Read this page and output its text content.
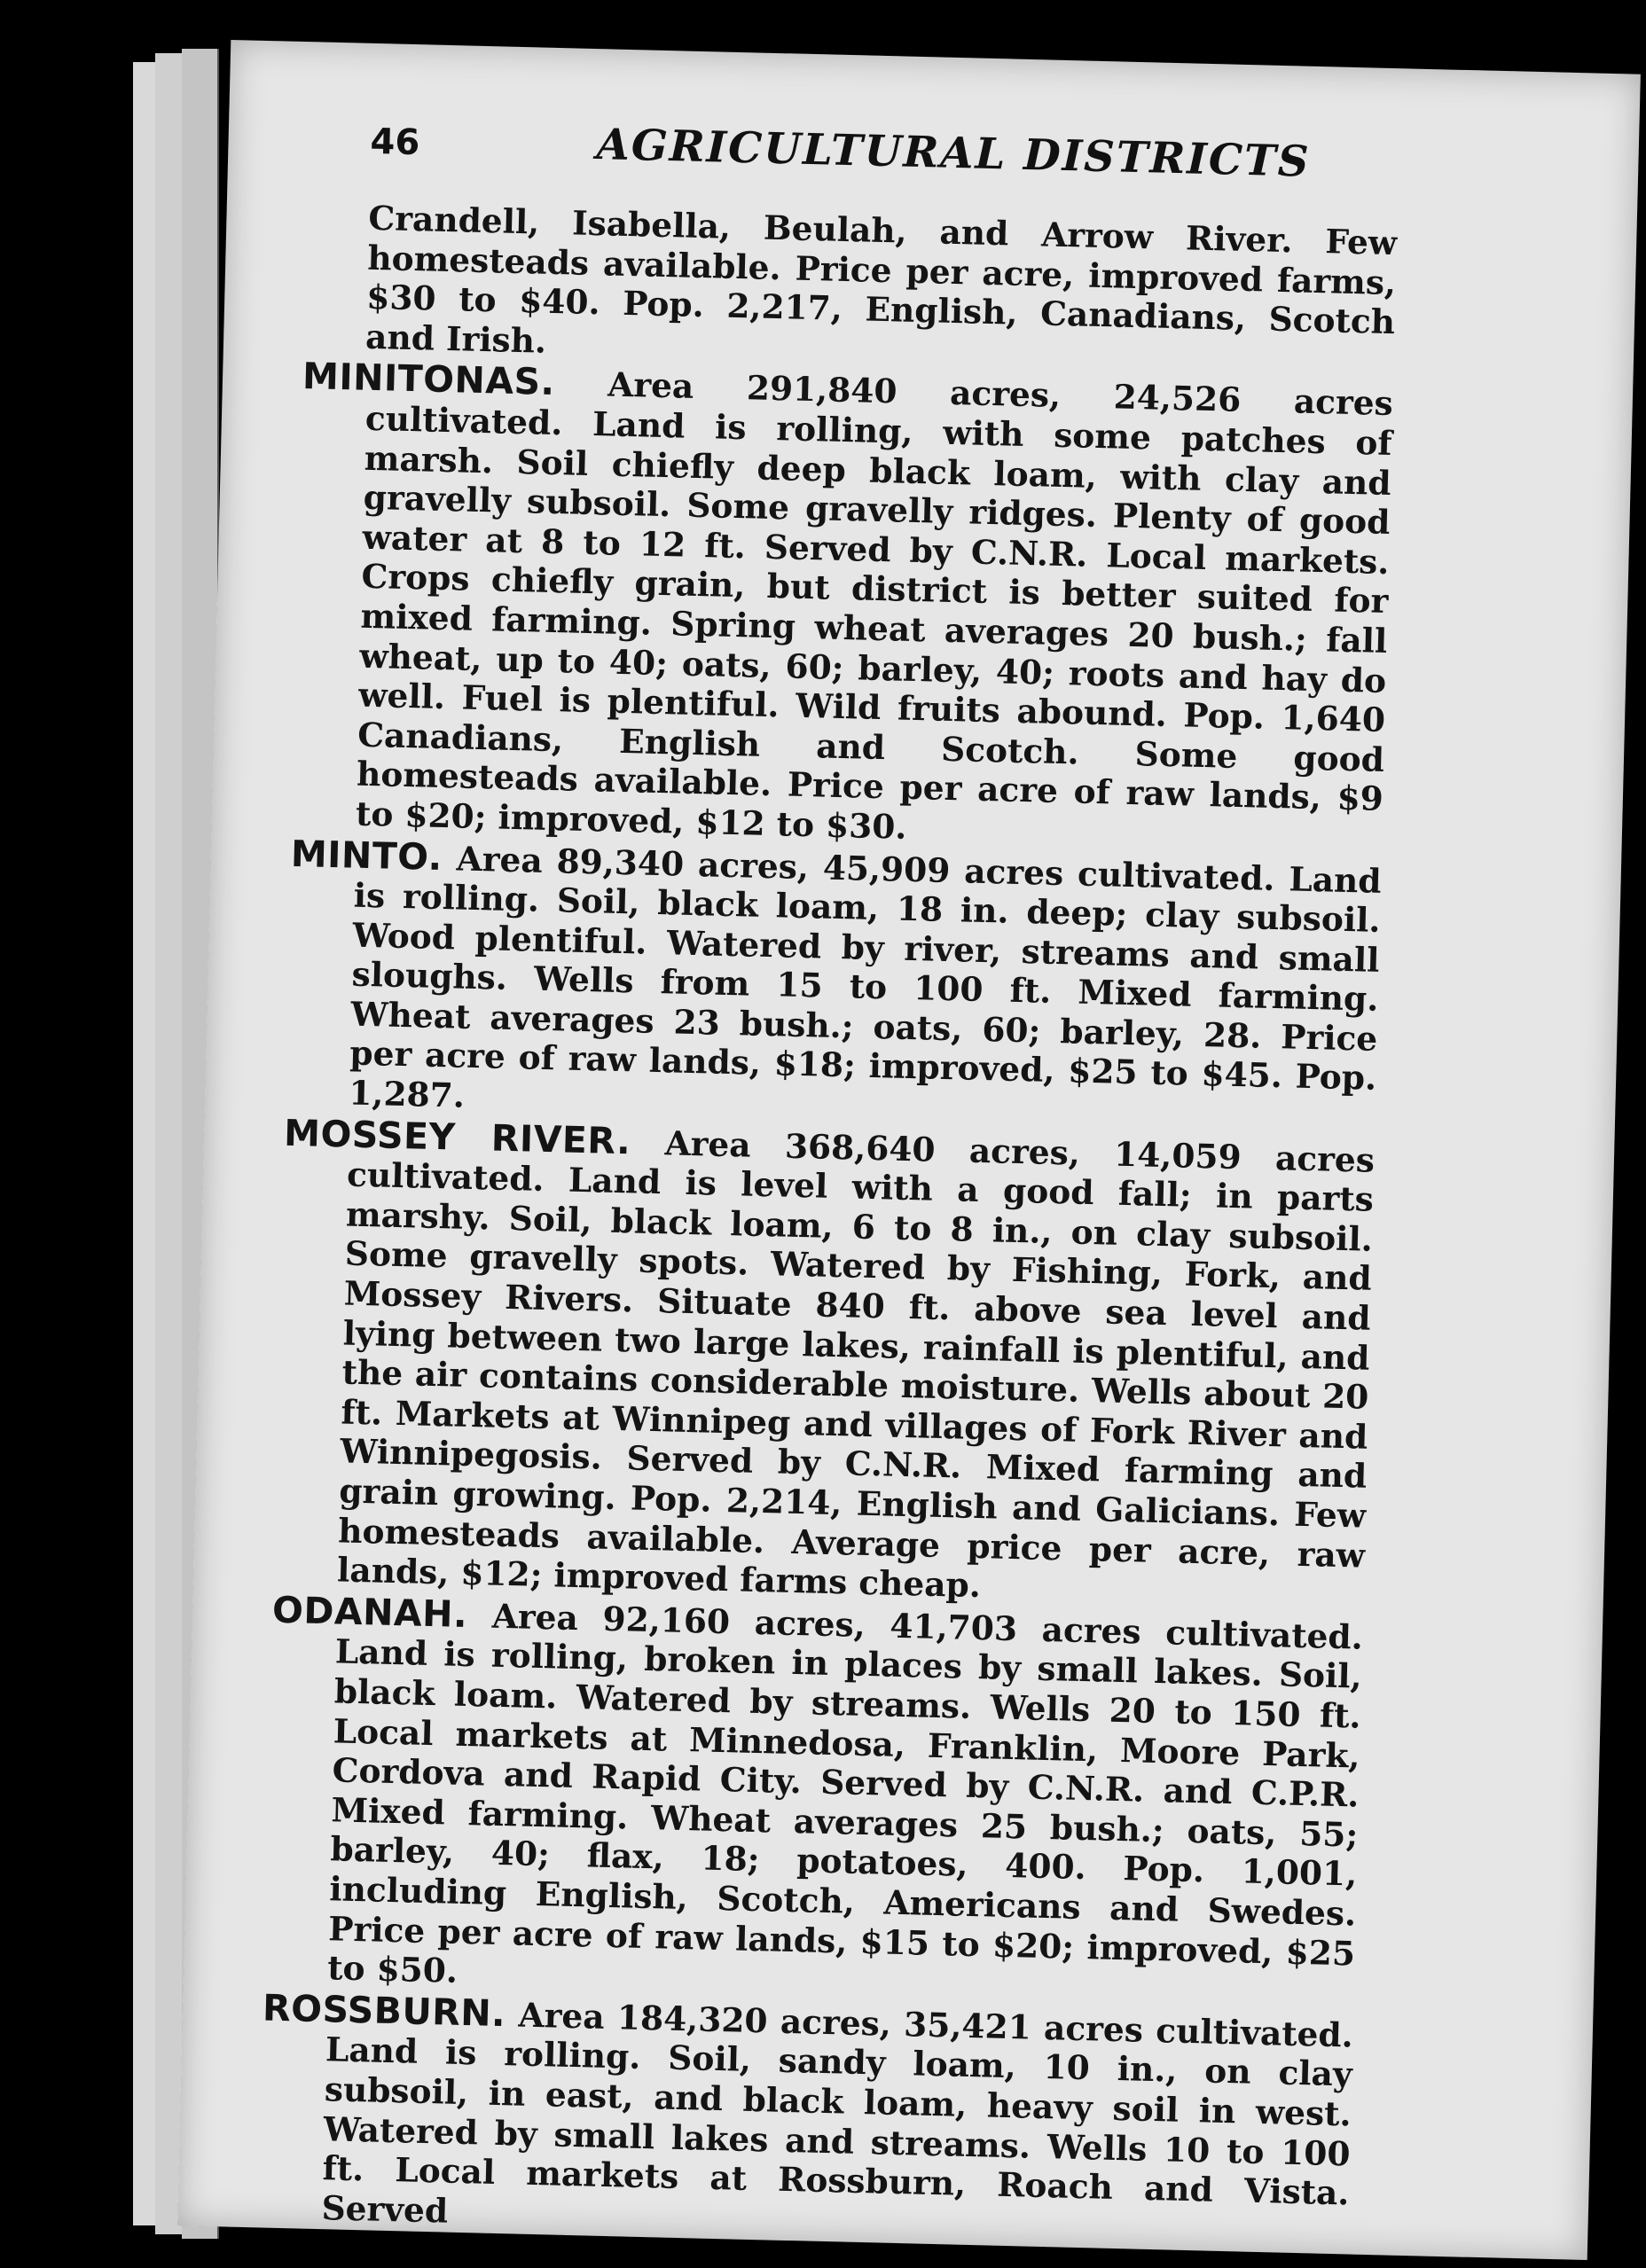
46	AGRICULTURAL DISTRICTS

Crandell, Isabella, Beulah, and Arrow River. Few homesteads available. Price per acre, improved farms, $30 to $40. Pop. 2,217, English, Canadians, Scotch and Irish.

MINITONAS. Area 291,840 acres, 24,526 acres cultivated. Land is rolling, with some patches of marsh. Soil chiefly deep black loam, with clay and gravelly subsoil. Some gravelly ridges. Plenty of good water at 8 to 12 ft. Served by C.N.R. Local markets. Crops chiefly grain, but district is better suited for mixed farming. Spring wheat averages 20 bush.; fall wheat, up to 40; oats, 60; barley, 40; roots and hay do well. Fuel is plentiful. Wild fruits abound. Pop. 1,640 Canadians, English and Scotch. Some good homesteads available. Price per acre of raw lands, $9 to $20; improved, $12 to $30.

MINTO. Area 89,340 acres, 45,909 acres cultivated. Land is rolling. Soil, black loam, 18 in. deep; clay subsoil. Wood plentiful. Watered by river, streams and small sloughs. Wells from 15 to 100 ft. Mixed farming. Wheat averages 23 bush.; oats, 60; barley, 28. Price per acre of raw lands, $18; improved, $25 to $45. Pop. 1,287.

MOSSEY RIVER. Area 368,640 acres, 14,059 acres cultivated. Land is level with a good fall; in parts marshy. Soil, black loam, 6 to 8 in., on clay subsoil. Some gravelly spots. Watered by Fishing, Fork, and Mossey Rivers. Situate 840 ft. above sea level and lying between two large lakes, rainfall is plentiful, and the air contains considerable moisture. Wells about 20 ft. Markets at Winnipeg and villages of Fork River and Winnipegosis. Served by C.N.R. Mixed farming and grain growing. Pop. 2,214, English and Galicians. Few homesteads available. Average price per acre, raw lands, $12; improved farms cheap.

ODANAH. Area 92,160 acres, 41,703 acres cultivated. Land is rolling, broken in places by small lakes. Soil, black loam. Watered by streams. Wells 20 to 150 ft. Local markets at Minnedosa, Franklin, Moore Park, Cordova and Rapid City. Served by C.N.R. and C.P.R. Mixed farming. Wheat averages 25 bush.; oats, 55; barley, 40; flax, 18; potatoes, 400. Pop. 1,001, including English, Scotch, Americans and Swedes. Price per acre of raw lands, $15 to $20; improved, $25 to $50.

ROSSBURN. Area 184,320 acres, 35,421 acres cultivated. Land is rolling. Soil, sandy loam, 10 in., on clay subsoil, in east, and black loam, heavy soil in west. Watered by small lakes and streams. Wells 10 to 100 ft. Local markets at Rossburn, Roach and Vista. Served
